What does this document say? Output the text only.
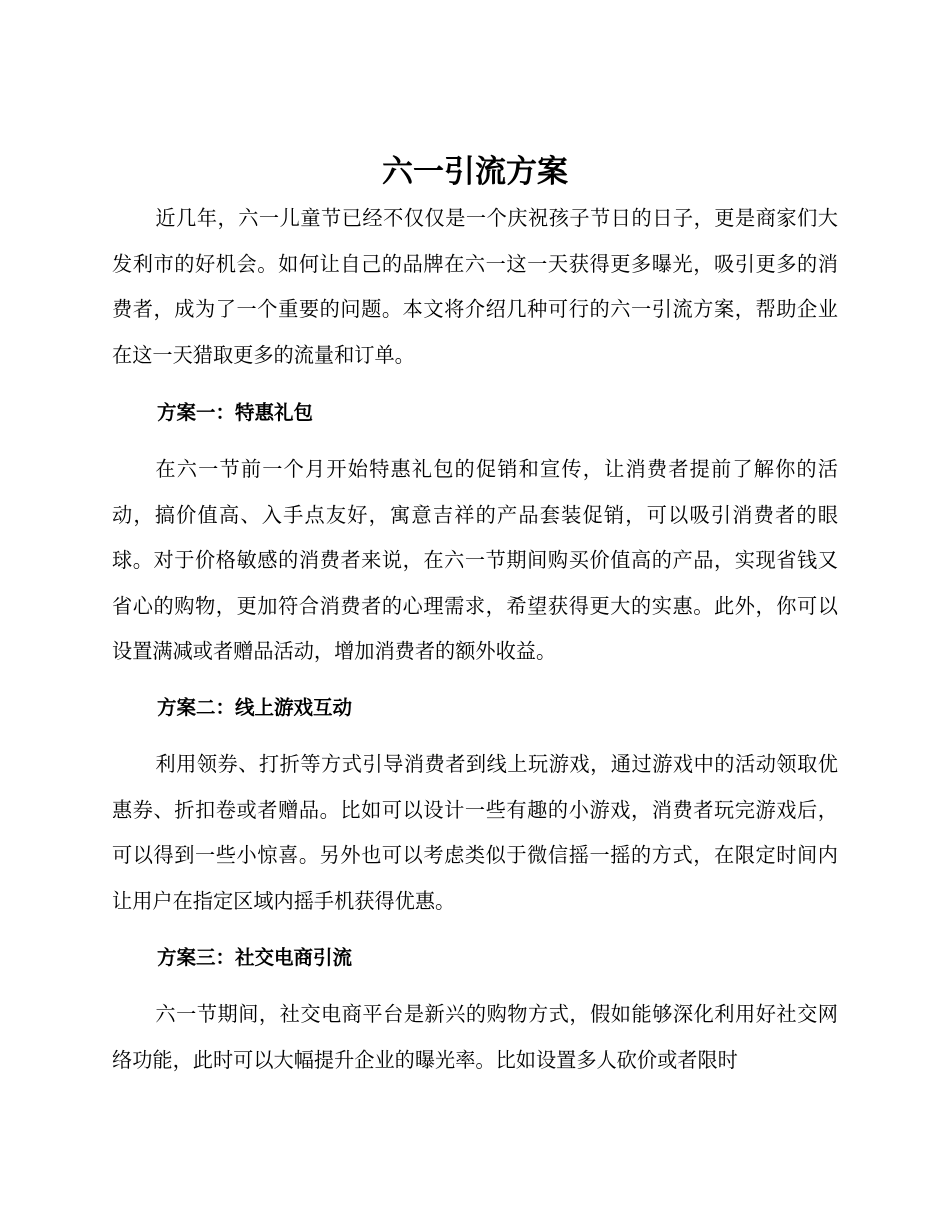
六一引流方案

近几年，六一儿童节已经不仅仅是一个庆祝孩子节日的日子，更是商家们大发利市的好机会。如何让自己的品牌在六一这一天获得更多曝光，吸引更多的消费者，成为了一个重要的问题。本文将介绍几种可行的六一引流方案，帮助企业在这一天猎取更多的流量和订单。

方案一：特惠礼包

在六一节前一个月开始特惠礼包的促销和宣传，让消费者提前了解你的活动，搞价值高、入手点友好，寓意吉祥的产品套装促销，可以吸引消费者的眼球。对于价格敏感的消费者来说，在六一节期间购买价值高的产品，实现省钱又省心的购物，更加符合消费者的心理需求，希望获得更大的实惠。此外，你可以设置满减或者赠品活动，增加消费者的额外收益。

方案二：线上游戏互动

利用领券、打折等方式引导消费者到线上玩游戏，通过游戏中的活动领取优惠券、折扣卷或者赠品。比如可以设计一些有趣的小游戏，消费者玩完游戏后，可以得到一些小惊喜。另外也可以考虑类似于微信摇一摇的方式，在限定时间内让用户在指定区域内摇手机获得优惠。

方案三：社交电商引流

六一节期间，社交电商平台是新兴的购物方式，假如能够深化利用好社交网络功能，此时可以大幅提升企业的曝光率。比如设置多人砍价或者限时
